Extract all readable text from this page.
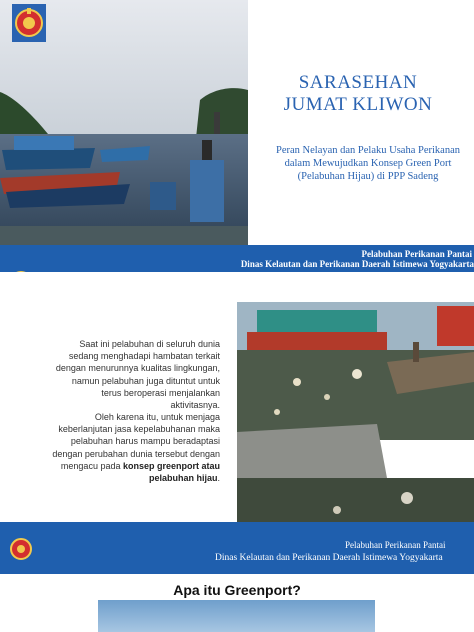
SARASEHAN
JUMAT KLIWON
Peran Nelayan dan Pelaku Usaha Perikanan
dalam Mewujudkan Konsep Green Port
(Pelabuhan Hijau) di PPP Sadeng
Pelabuhan Perikanan Pantai
Dinas Kelautan dan Perikanan Daerah Istimewa Yogyakarta
Saat ini pelabuhan di seluruh dunia
sedang menghadapi hambatan terkait
dengan menurunnya kualitas lingkungan,
namun pelabuhan juga dituntut untuk
terus beroperasi menjalankan
aktivitasnya.
Oleh karena itu, untuk menjaga
keberlanjutan jasa kepelabuhanan maka
pelabuhan harus mampu beradaptasi
dengan perubahan dunia tersebut dengan
mengacu pada konsep greenport atau
pelabuhan hijau.
Pelabuhan Perikanan Pantai
Dinas Kelautan dan Perikanan Daerah Istimewa Yogyakarta
Apa itu Greenport?
